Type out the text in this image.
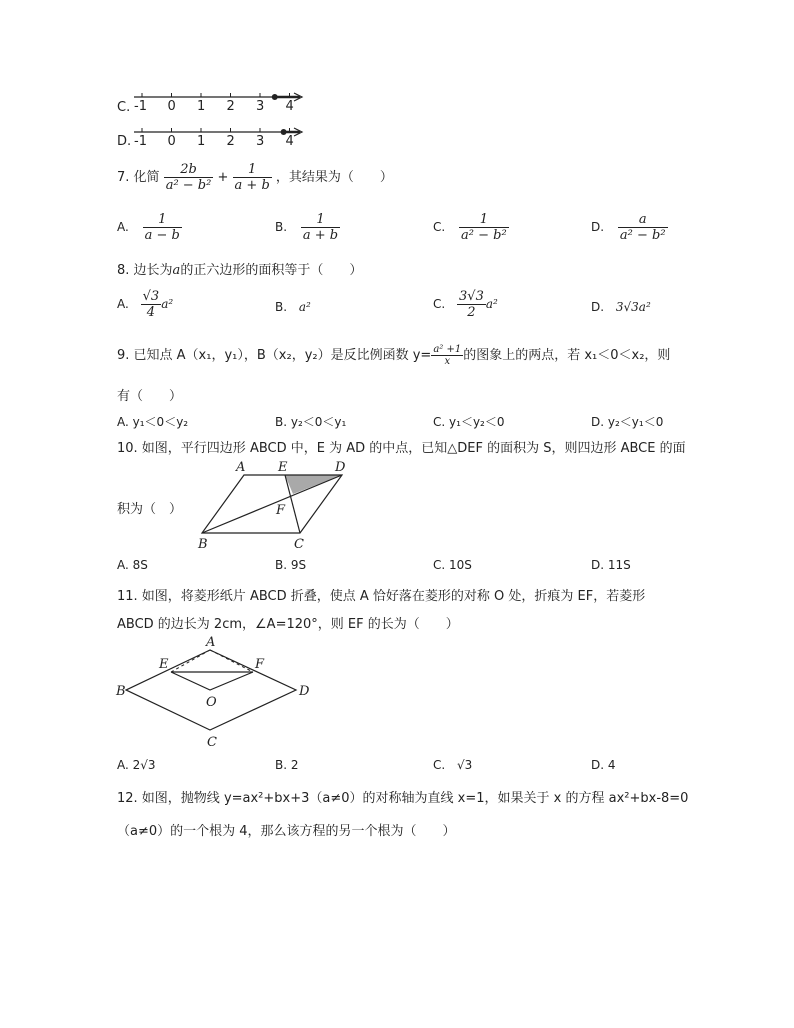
C. -1 0 1 2 3 4
D. -1 0 1 2 3 4
7. 化简 $\frac{2b}{\text{a² − b²}} + \frac{1}{a + b}$ ，其结果为（　　）
A. $\frac{1}{a - b}$	B. $\frac{1}{a + b}$	C. $\frac{1}{\text{a² − b²}}$	D. $\frac{a}{\text{a² − b²}}$
8. 边长为a的正六边形的面积等于（　　）
A. $\frac{√3}{4} a^2$	B. a²	C. $\frac{3√3}{2} a^2$	D. 3√3a²
9. 已知点 A（x₁，y₁），B（x₂，y₂）是反比例函数 $y= \frac{\text{a² +1}}{x}$ 的图象上的两点，若 x₁＜0＜x₂，则
有（　　）
A. y₁＜0＜y₂	B. y₂＜0＜y₁	C. y₁＜y₂＜0	D. y₂＜y₁＜0
10. 如图，平行四边形 ABCD 中，E 为 AD 的中点，已知△DEF 的面积为 S，则四边形 ABCE 的面
积为（　）
A	E	D
F
B	C
A. 8S	B. 9S	C. 10S	D. 11S
11. 如图，将菱形纸片 ABCD 折叠，使点 A 恰好落在菱形的对称 O 处，折痕为 EF，若菱形
ABCD 的边长为 2cm，∠A=120°，则 EF 的长为（　　）
A
E	F
B
O
D
C
A. 2√3	B. 2	C. √3	D. 4
12. 如图，抛物线 y=ax²+bx+3（a≠0）的对称轴为直线 x=1，如果关于 x 的方程 ax²+bx-8=0
（a≠0）的一个根为 4，那么该方程的另一个根为（　　）
